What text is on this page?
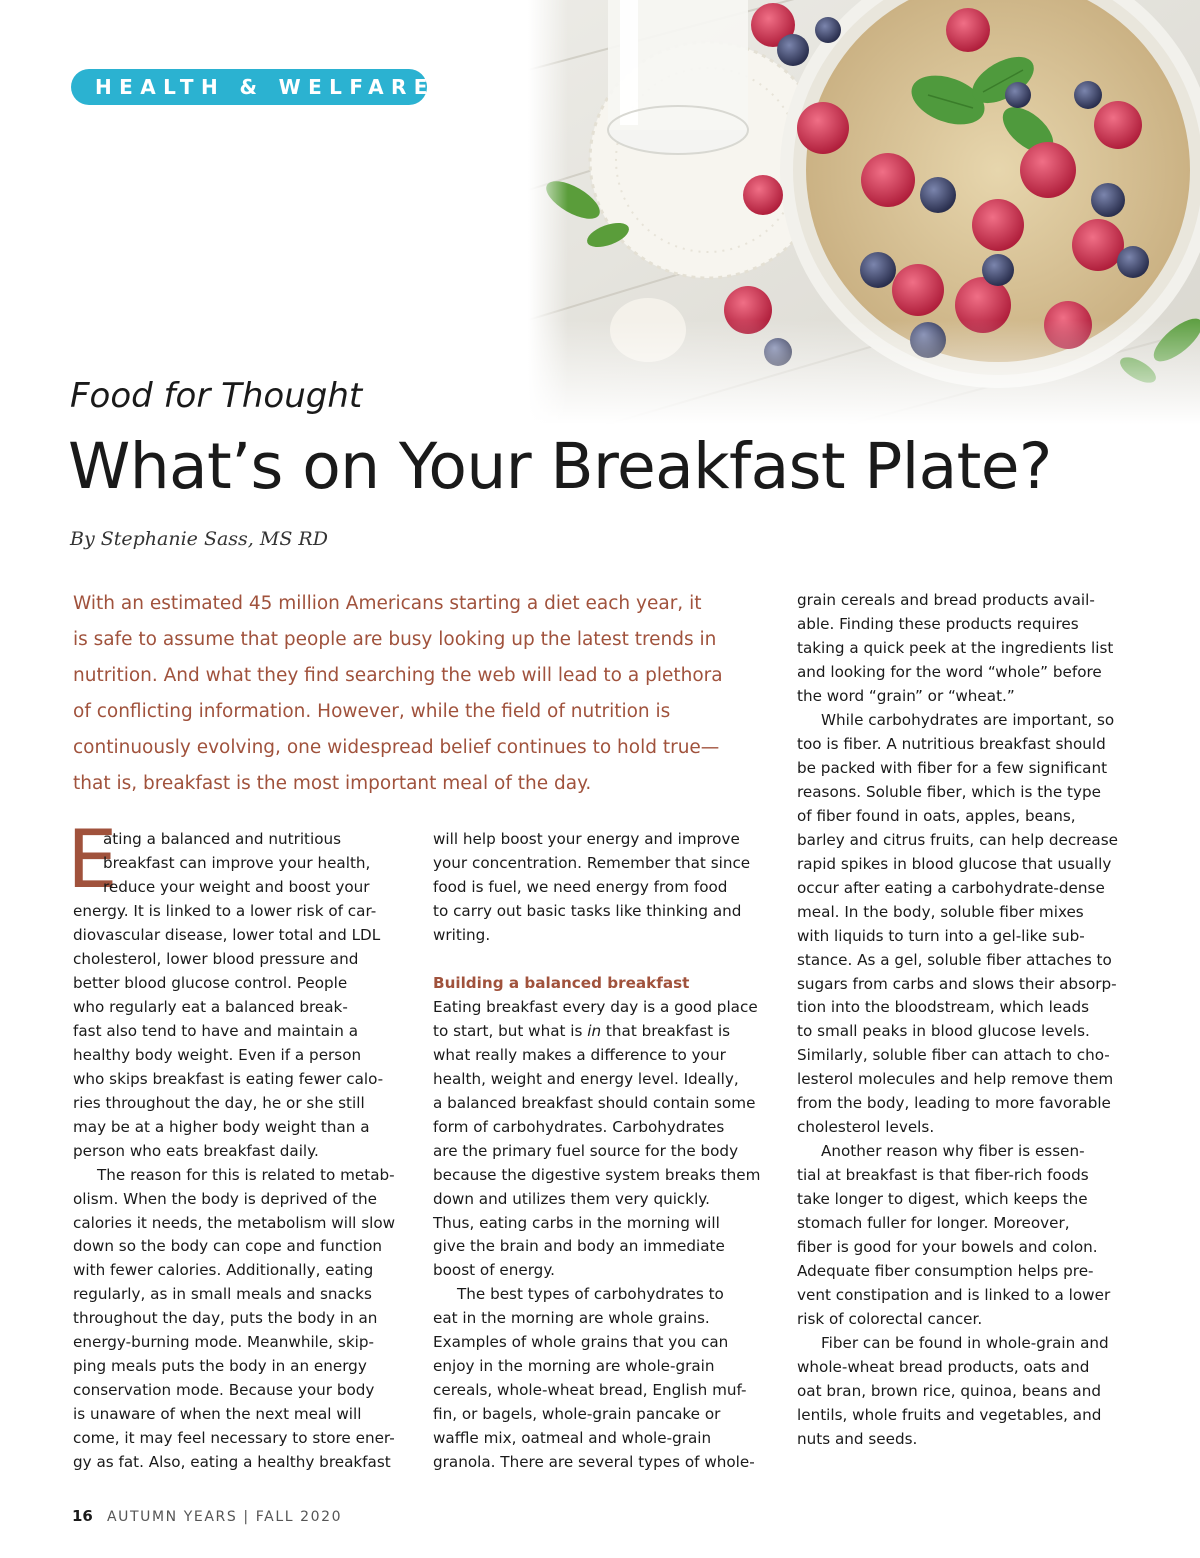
HEALTH & WELFARE
Food for Thought
What’s on Your Breakfast Plate?
By Stephanie Sass, MS RD
With an estimated 45 million Americans starting a diet each year, it
is safe to assume that people are busy looking up the latest trends in
nutrition. And what they find searching the web will lead to a plethora
of conflicting information. However, while the field of nutrition is
continuously evolving, one widespread belief continues to hold true—
that is, breakfast is the most important meal of the day.
E
ating a balanced and nutritious
breakfast can improve your health,
reduce your weight and boost your
energy. It is linked to a lower risk of car-
diovascular disease, lower total and LDL
cholesterol, lower blood pressure and
better blood glucose control. People
who regularly eat a balanced break-
fast also tend to have and maintain a
healthy body weight. Even if a person
who skips breakfast is eating fewer calo-
ries throughout the day, he or she still
may be at a higher body weight than a
person who eats breakfast daily.
The reason for this is related to metab-
olism. When the body is deprived of the
calories it needs, the metabolism will slow
down so the body can cope and function
with fewer calories. Additionally, eating
regularly, as in small meals and snacks
throughout the day, puts the body in an
energy-burning mode. Meanwhile, skip-
ping meals puts the body in an energy
conservation mode. Because your body
is unaware of when the next meal will
come, it may feel necessary to store ener-
gy as fat. Also, eating a healthy breakfast
will help boost your energy and improve
your concentration. Remember that since
food is fuel, we need energy from food
to carry out basic tasks like thinking and
writing.
Building a balanced breakfast
Eating breakfast every day is a good place
to start, but what is in that breakfast is
what really makes a difference to your
health, weight and energy level. Ideally,
a balanced breakfast should contain some
form of carbohydrates. Carbohydrates
are the primary fuel source for the body
because the digestive system breaks them
down and utilizes them very quickly.
Thus, eating carbs in the morning will
give the brain and body an immediate
boost of energy.
The best types of carbohydrates to
eat in the morning are whole grains.
Examples of whole grains that you can
enjoy in the morning are whole-grain
cereals, whole-wheat bread, English muf-
fin, or bagels, whole-grain pancake or
waffle mix, oatmeal and whole-grain
granola. There are several types of whole-
grain cereals and bread products avail-
able. Finding these products requires
taking a quick peek at the ingredients list
and looking for the word “whole” before
the word “grain” or “wheat.”
While carbohydrates are important, so
too is fiber. A nutritious breakfast should
be packed with fiber for a few significant
reasons. Soluble fiber, which is the type
of fiber found in oats, apples, beans,
barley and citrus fruits, can help decrease
rapid spikes in blood glucose that usually
occur after eating a carbohydrate-dense
meal. In the body, soluble fiber mixes
with liquids to turn into a gel-like sub-
stance. As a gel, soluble fiber attaches to
sugars from carbs and slows their absorp-
tion into the bloodstream, which leads
to small peaks in blood glucose levels.
Similarly, soluble fiber can attach to cho-
lesterol molecules and help remove them
from the body, leading to more favorable
cholesterol levels.
Another reason why fiber is essen-
tial at breakfast is that fiber-rich foods
take longer to digest, which keeps the
stomach fuller for longer. Moreover,
fiber is good for your bowels and colon.
Adequate fiber consumption helps pre-
vent constipation and is linked to a lower
risk of colorectal cancer.
Fiber can be found in whole-grain and
whole-wheat bread products, oats and
oat bran, brown rice, quinoa, beans and
lentils, whole fruits and vegetables, and
nuts and seeds.
16 AUTUMN YEARS | FALL 2020
